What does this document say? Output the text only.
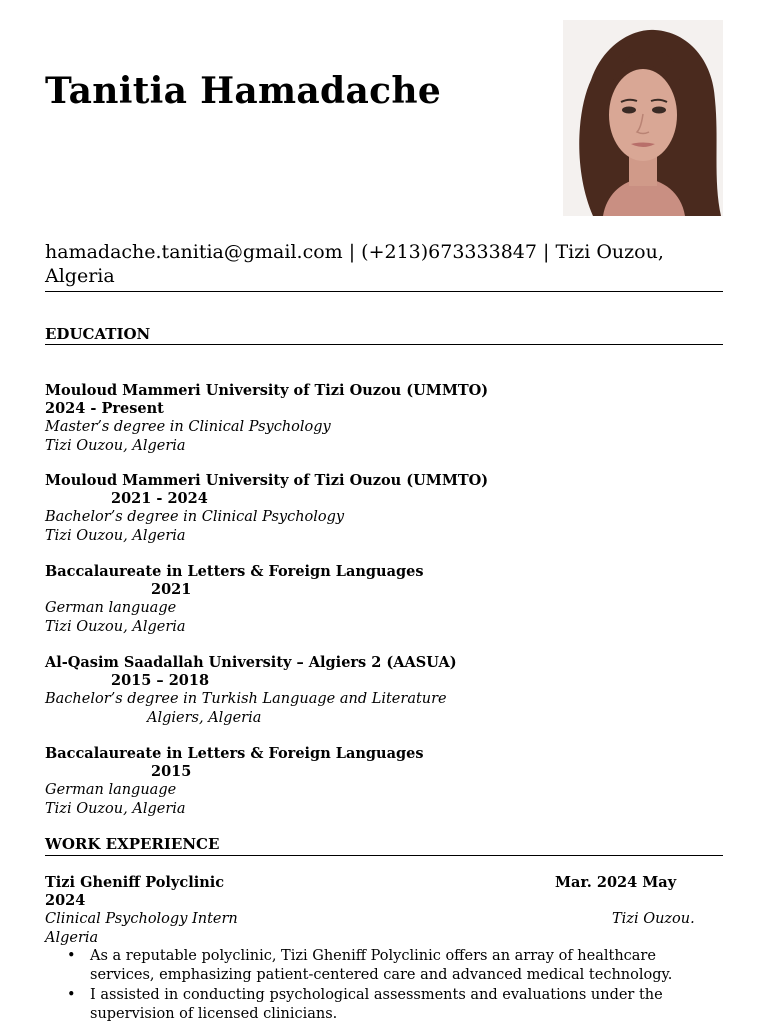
Tanitia Hamadache
hamadache.tanitia@gmail.com | (+213)673333847 | Tizi Ouzou, Algeria
EDUCATION
Mouloud Mammeri University of Tizi Ouzou (UMMTO)
2024 - Present
Master’s degree in Clinical Psychology
Tizi Ouzou, Algeria
Mouloud Mammeri University of Tizi Ouzou (UMMTO)
2021 - 2024
Bachelor’s degree in Clinical Psychology
Tizi Ouzou, Algeria
Baccalaureate in Letters & Foreign Languages
2021
German language
Tizi Ouzou, Algeria
Al-Qasim Saadallah University – Algiers 2 (AASUA)
2015 – 2018
Bachelor’s degree in Turkish Language and Literature
Algiers, Algeria
Baccalaureate in Letters & Foreign Languages
2015
German language
Tizi Ouzou, Algeria
WORK EXPERIENCE
Tizi Gheniff Polyclinic	Mar. 2024 May
2024
Clinical Psychology Intern	Tizi Ouzou.
Algeria
• As a reputable polyclinic, Tizi Gheniff Polyclinic offers an array of healthcare services, emphasizing patient-centered care and advanced medical technology.
• I assisted in conducting psychological assessments and evaluations under the supervision of licensed clinicians.
